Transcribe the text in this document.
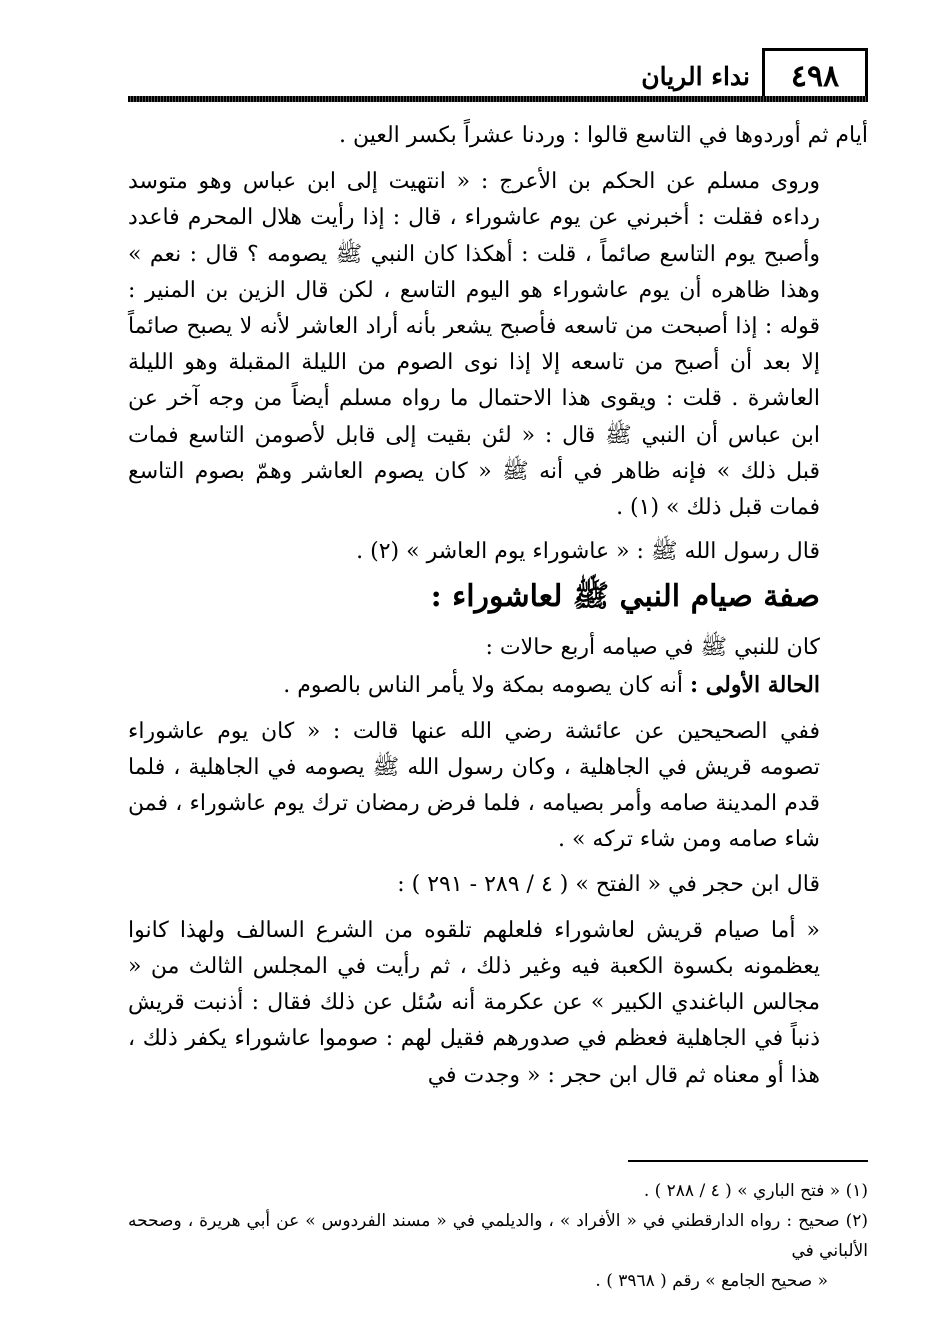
٤٩٨
نداء الريان

أيام ثم أوردوها في التاسع قالوا : وردنا عشراً بكسر العين .

وروى مسلم عن الحكم بن الأعرج : « انتهيت إلى ابن عباس وهو متوسد رداءه فقلت : أخبرني عن يوم عاشوراء ، قال : إذا رأيت هلال المحرم فاعدد وأصبح يوم التاسع صائماً ، قلت : أهكذا كان النبي ﷺ يصومه ؟ قال : نعم » وهذا ظاهره أن يوم عاشوراء هو اليوم التاسع ، لكن قال الزين بن المنير : قوله : إذا أصبحت من تاسعه فأصبح يشعر بأنه أراد العاشر لأنه لا يصبح صائماً إلا بعد أن أصبح من تاسعه إلا إذا نوى الصوم من الليلة المقبلة وهو الليلة العاشرة . قلت : ويقوى هذا الاحتمال ما رواه مسلم أيضاً من وجه آخر عن ابن عباس أن النبي ﷺ قال : « لئن بقيت إلى قابل لأصومن التاسع فمات قبل ذلك » فإنه ظاهر في أنه ﷺ « كان يصوم العاشر وهمّ بصوم التاسع فمات قبل ذلك » (١) .

قال رسول الله ﷺ : « عاشوراء يوم العاشر » (٢) .

صفة صيام النبي ﷺ لعاشوراء :

كان للنبي ﷺ في صيامه أربع حالات :

الحالة الأولى : أنه كان يصومه بمكة ولا يأمر الناس بالصوم .

ففي الصحيحين عن عائشة رضي الله عنها قالت : « كان يوم عاشوراء تصومه قريش في الجاهلية ، وكان رسول الله ﷺ يصومه في الجاهلية ، فلما قدم المدينة صامه وأمر بصيامه ، فلما فرض رمضان ترك يوم عاشوراء ، فمن شاء صامه ومن شاء تركه » .

قال ابن حجر في « الفتح » ( ٤ / ٢٨٩ - ٢٩١ ) :

« أما صيام قريش لعاشوراء فلعلهم تلقوه من الشرع السالف ولهذا كانوا يعظمونه بكسوة الكعبة فيه وغير ذلك ، ثم رأيت في المجلس الثالث من « مجالس الباغندي الكبير » عن عكرمة أنه سُئل عن ذلك فقال : أذنبت قريش ذنباً في الجاهلية فعظم في صدورهم فقيل لهم : صوموا عاشوراء يكفر ذلك ، هذا أو معناه ثم قال ابن حجر : « وجدت في

(١) « فتح الباري » ( ٤ / ٢٨٨ ) .

(٢) صحيح : رواه الدارقطني في « الأفراد » ، والديلمي في « مسند الفردوس » عن أبي هريرة ، وصححه الألباني في

« صحيح الجامع » رقم ( ٣٩٦٨ ) .
